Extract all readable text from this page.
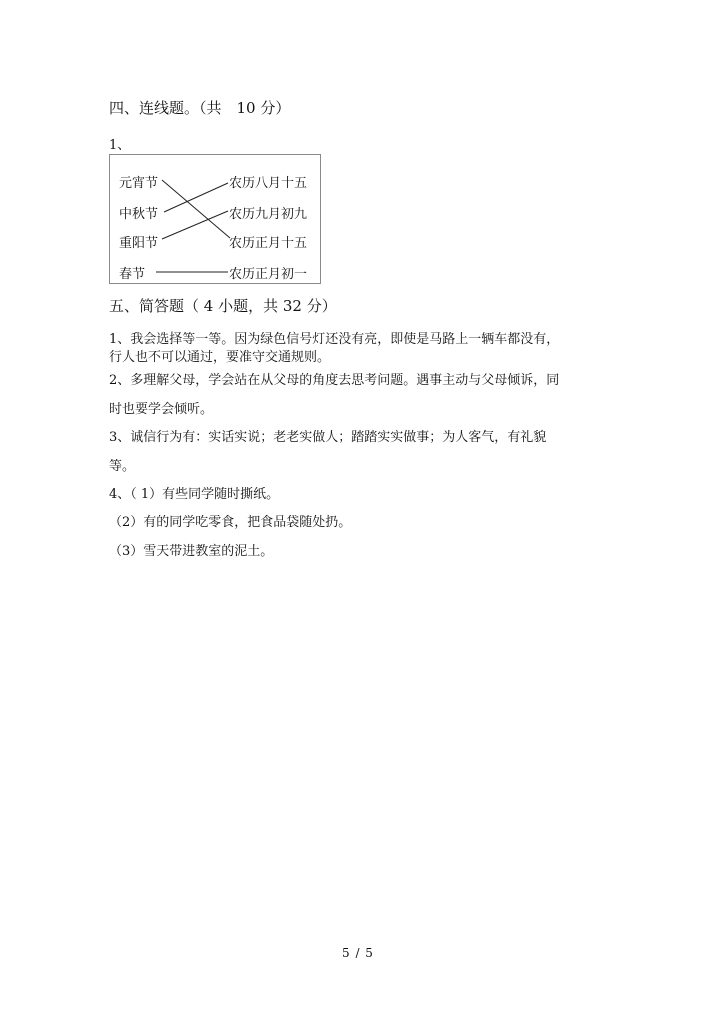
四、连线题。（共　10 分）
1、
元宵节
中秋节
重阳节
春节
农历八月十五
农历九月初九
农历正月十五
农历正月初一
五、简答题（ 4 小题，共 32 分）
1、我会选择等一等。因为绿色信号灯还没有亮，即使是马路上一辆车都没有，
行人也不可以通过，要准守交通规则。
2、多理解父母，学会站在从父母的角度去思考问题。遇事主动与父母倾诉，同
时也要学会倾听。
3、诚信行为有：实话实说；老老实做人；踏踏实实做事；为人客气，有礼貌
等。
4、（ 1）有些同学随时撕纸。
（2）有的同学吃零食，把食品袋随处扔。
（3）雪天带进教室的泥土。
5 / 5
